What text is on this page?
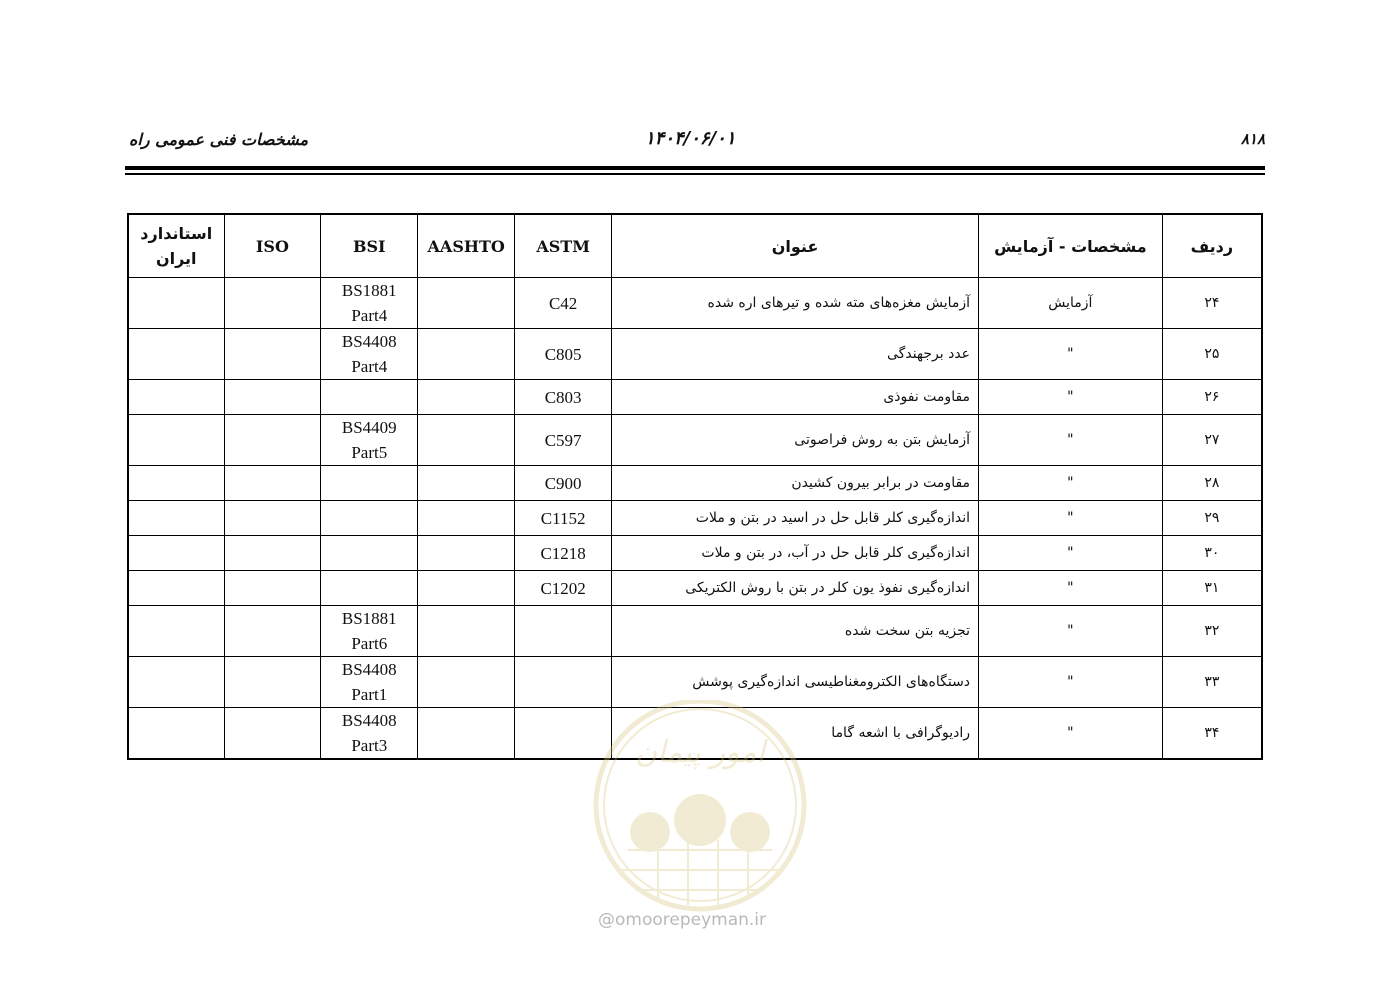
۸۱۸
۱۴۰۴/۰۶/۰۱
مشخصات فنی عمومی راه
ردیف	مشخصات - آزمایش	عنوان	ASTM	AASHTO	BSI	ISO	استاندارد
ایران

۲۴	آزمایش	آزمایش مغزه‌های مته شده و تیرهای اره شده	C42		BS1881
Part4		

۲۵	"	عدد برجهندگی	C805		BS4408
Part4		

۲۶	"	مقاومت نفوذی	C803				
۲۷	"	آزمایش بتن به روش فراصوتی	C597		BS4409
Part5		

۲۸	"	مقاومت در برابر بیرون کشیدن	C900				
۲۹	"	اندازه‌گیری کلر قابل حل در اسید در بتن و ملات	C1152				
۳۰	"	اندازه‌گیری کلر قابل حل در آب، در بتن و ملات	C1218				
۳۱	"	اندازه‌گیری نفوذ یون کلر در بتن با روش الکتریکی	C1202				
۳۲	"	تجزیه بتن سخت شده			BS1881
Part6		

۳۳	"	دستگاه‌های الکترومغناطیسی اندازه‌گیری پوشش			BS4408
Part1		

۳۴	"	رادیوگرافی با اشعه گاما			BS4408
Part3		
			امور پیمان
@omoorepeyman.ir
